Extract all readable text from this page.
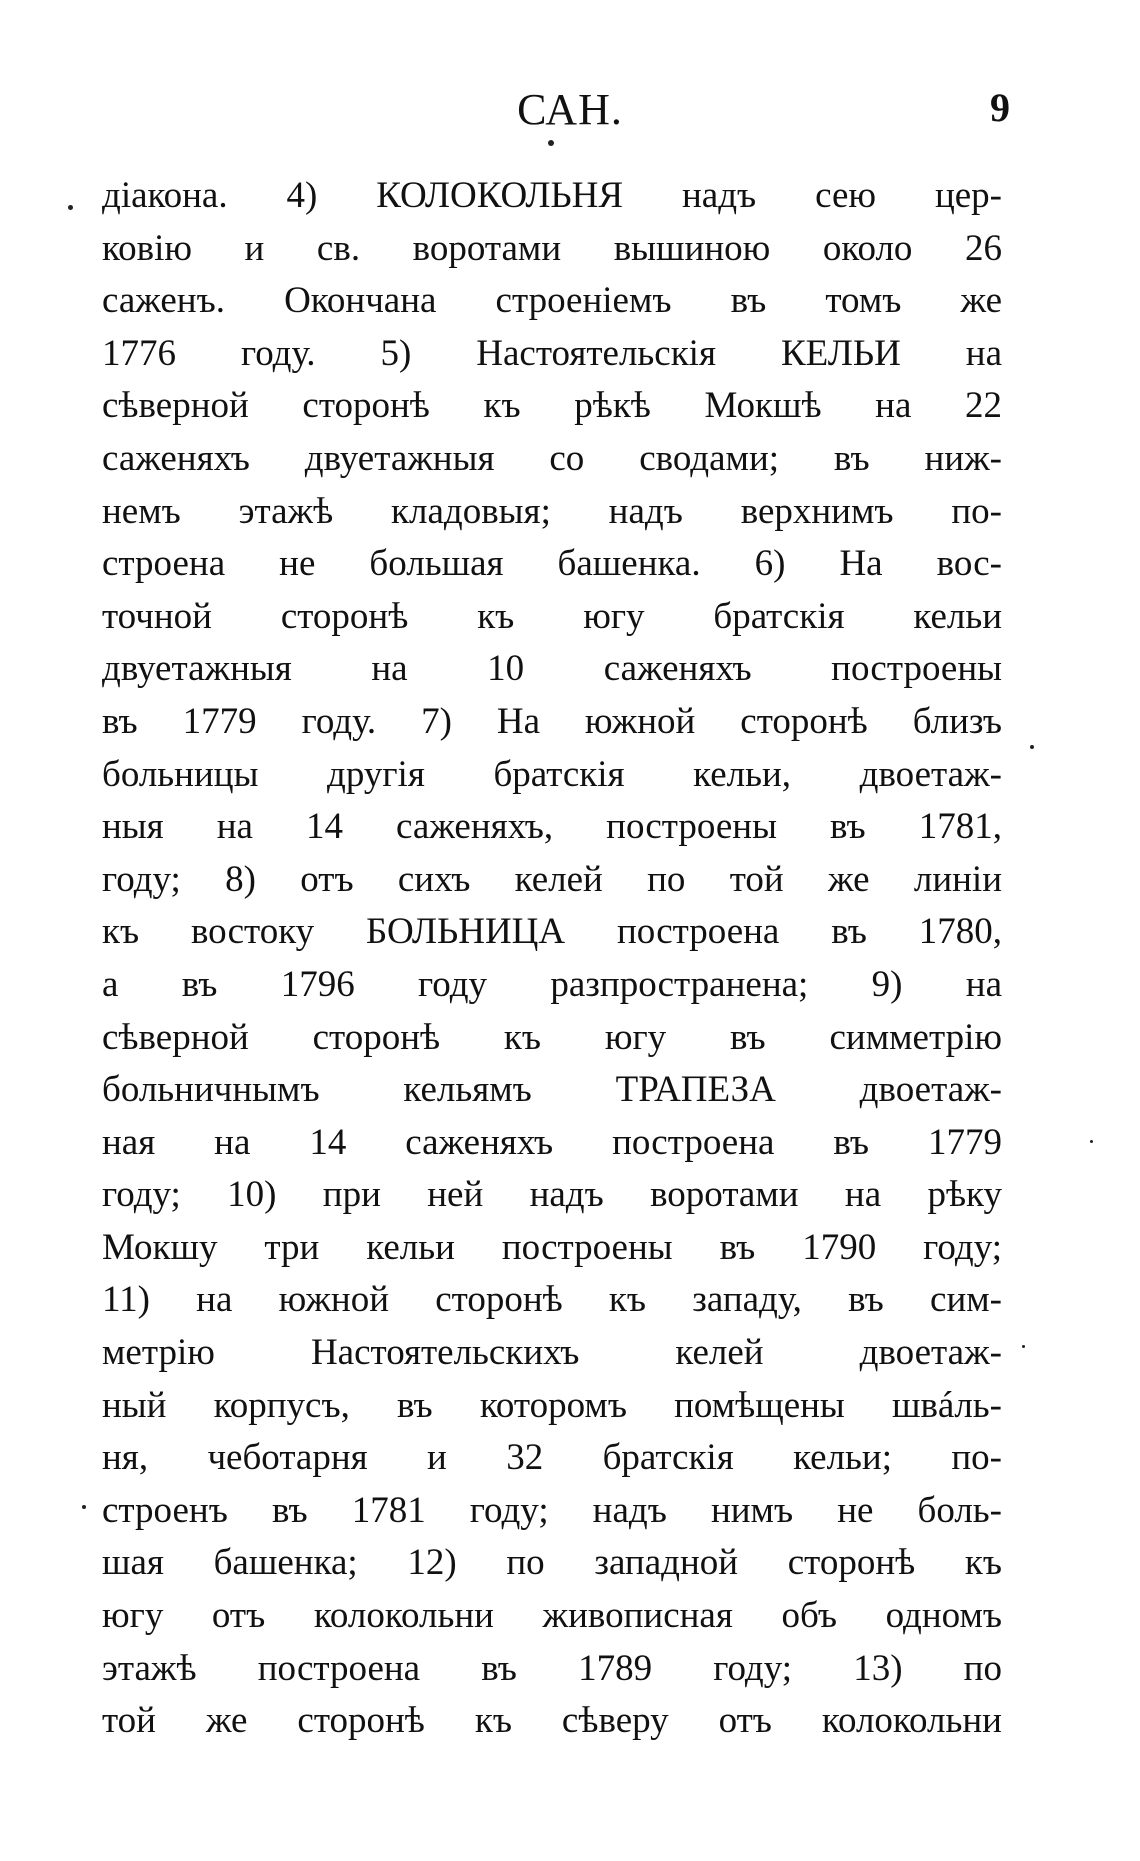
САН.	9
діакона. 4) КОЛОКОЛЬНЯ надъ сею цер-
ковію и св. воротами вышиною около 26
саженъ. Окончана строеніемъ въ томъ же
1776 году. 5) Настоятельскія КЕЛЬИ на
сѣверной сторонѣ къ рѣкѣ Мокшѣ на 22
саженяхъ двуетажныя со сводами; въ ниж-
немъ этажѣ кладовыя; надъ верхнимъ по-
строена не большая башенка. 6) На вос-
точной сторонѣ къ югу братскія кельи
двуетажныя на 10 саженяхъ построены
въ 1779 году. 7) На южной сторонѣ близъ
больницы другія братскія кельи, двоетаж-
ныя на 14 саженяхъ, построены въ 1781,
году; 8) отъ сихъ келей по той же линіи
къ востоку БОЛЬНИЦА построена въ 1780,
а въ 1796 году разпространена; 9) на
сѣверной сторонѣ къ югу въ симметрію
больничнымъ кельямъ ТРАПЕЗА двоетаж-
ная на 14 саженяхъ построена въ 1779
году; 10) при ней надъ воротами на рѣку
Мокшу три кельи построены въ 1790 году;
11) на южной сторонѣ къ западу, въ сим-
метрію Настоятельскихъ келей двоетаж-
ный корпусъ, въ которомъ помѣщены швáль-
ня, чеботарня и 32 братскія кельи; по-
строенъ въ 1781 году; надъ нимъ не боль-
шая башенка; 12) по западной сторонѣ къ
югу отъ колокольни живописная объ одномъ
этажѣ построена въ 1789 году; 13) по
той же сторонѣ къ сѣверу отъ колокольни
